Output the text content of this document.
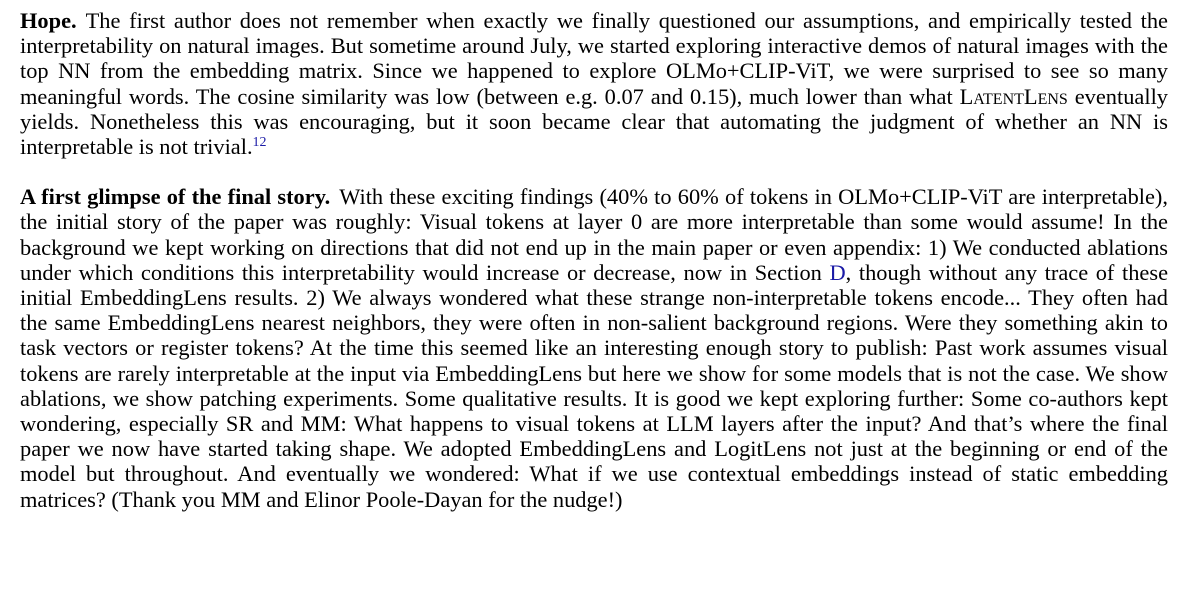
Hope. The first author does not remember when exactly we finally questioned our assumptions, and empirically tested the interpretability on natural images. But sometime around July, we started exploring interactive demos of natural images with the top NN from the embedding matrix. Since we happened to explore OLMo+CLIP-ViT, we were surprised to see so many meaningful words. The cosine similarity was low (between e.g. 0.07 and 0.15), much lower than what LatentLens eventually yields. Nonetheless this was encouraging, but it soon became clear that automating the judgment of whether an NN is interpretable is not trivial.$^{12}$

A first glimpse of the final story. With these exciting findings (40% to 60% of tokens in OLMo+CLIP-ViT are interpretable), the initial story of the paper was roughly: Visual tokens at layer 0 are more interpretable than some would assume! In the background we kept working on directions that did not end up in the main paper or even appendix: 1) We conducted ablations under which conditions this interpretability would increase or decrease, now in Section D, though without any trace of these initial EmbeddingLens results. 2) We always wondered what these strange non-interpretable tokens encode... They often had the same EmbeddingLens nearest neighbors, they were often in non-salient background regions. Were they something akin to task vectors or register tokens? At the time this seemed like an interesting enough story to publish: Past work assumes visual tokens are rarely interpretable at the input via EmbeddingLens but here we show for some models that is not the case. We show ablations, we show patching experiments. Some qualitative results. It is good we kept exploring further: Some co-authors kept wondering, especially SR and MM: What happens to visual tokens at LLM layers after the input? And that’s where the final paper we now have started taking shape. We adopted EmbeddingLens and LogitLens not just at the beginning or end of the model but throughout. And eventually we wondered: What if we use contextual embeddings instead of static embedding matrices? (Thank you MM and Elinor Poole-Dayan for the nudge!)
